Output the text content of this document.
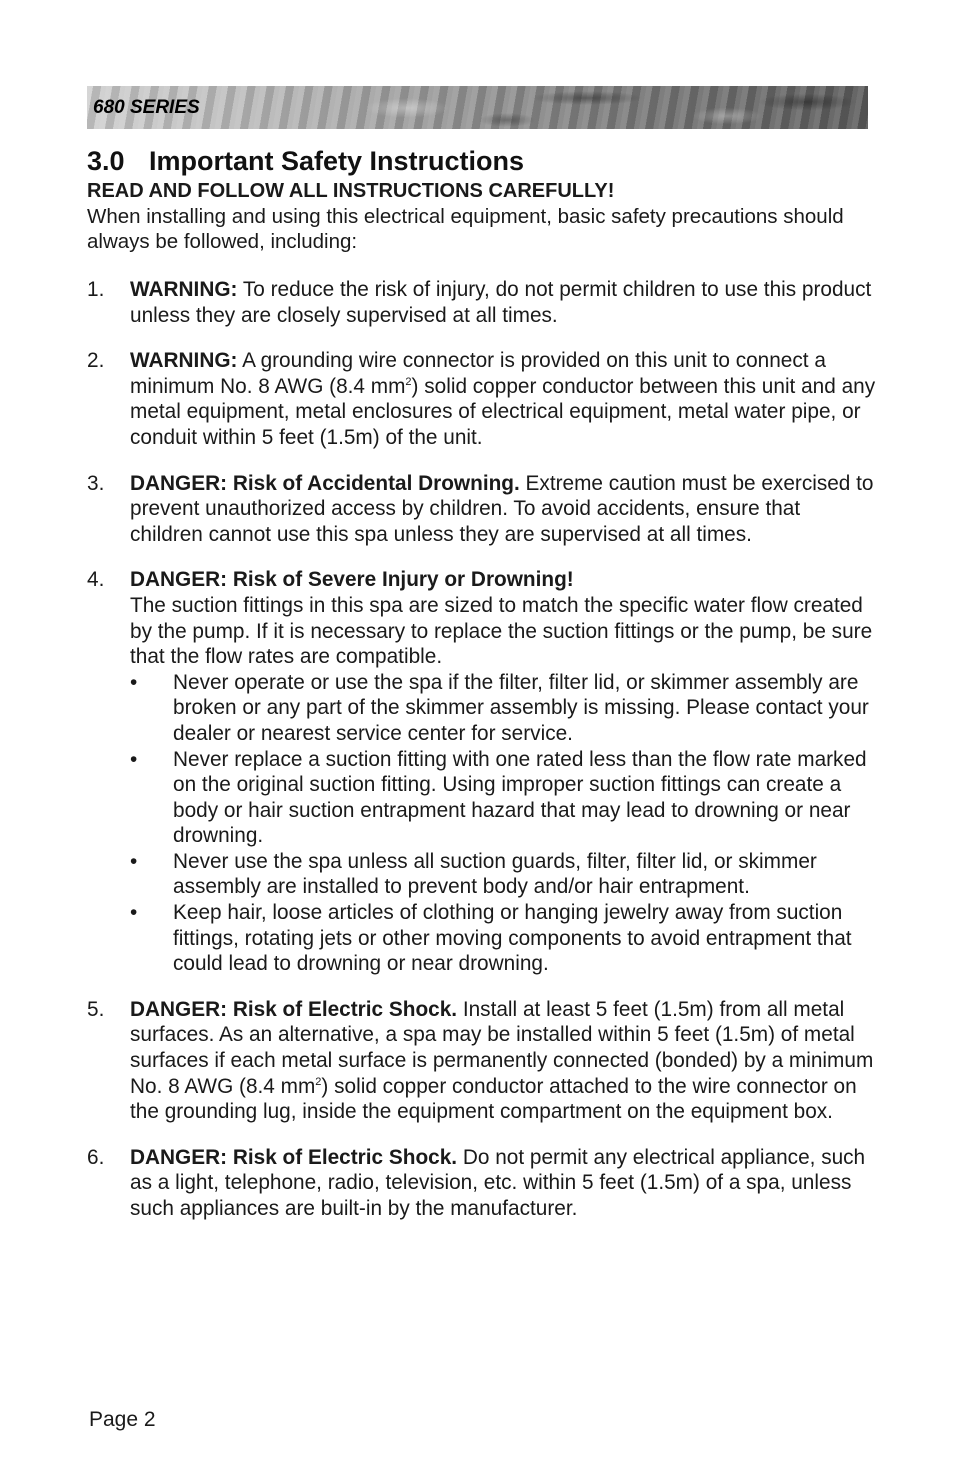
680 SERIES
3.0 Important Safety Instructions
READ AND FOLLOW ALL INSTRUCTIONS CAREFULLY!
When installing and using this electrical equipment, basic safety precautions should always be followed, including:
1. WARNING: To reduce the risk of injury, do not permit children to use this product unless they are closely supervised at all times.
2. WARNING: A grounding wire connector is provided on this unit to connect a minimum No. 8 AWG (8.4 $mm^2$) solid copper conductor between this unit and any metal equipment, metal enclosures of electrical equipment, metal water pipe, or conduit within 5 feet (1.5m) of the unit.
3. DANGER: Risk of Accidental Drowning. Extreme caution must be exercised to prevent unauthorized access by children. To avoid accidents, ensure that children cannot use this spa unless they are supervised at all times.
4. DANGER: Risk of Severe Injury or Drowning!
The suction fittings in this spa are sized to match the specific water flow created by the pump. If it is necessary to replace the suction fittings or the pump, be sure that the flow rates are compatible.
• Never operate or use the spa if the filter, filter lid, or skimmer assembly are broken or any part of the skimmer assembly is missing. Please contact your dealer or nearest service center for service.
• Never replace a suction fitting with one rated less than the flow rate marked on the original suction fitting. Using improper suction fittings can create a body or hair suction entrapment hazard that may lead to drowning or near drowning.
• Never use the spa unless all suction guards, filter, filter lid, or skimmer assembly are installed to prevent body and/or hair entrapment.
• Keep hair, loose articles of clothing or hanging jewelry away from suction fittings, rotating jets or other moving components to avoid entrapment that could lead to drowning or near drowning.
5. DANGER: Risk of Electric Shock. Install at least 5 feet (1.5m) from all metal surfaces. As an alternative, a spa may be installed within 5 feet (1.5m) of metal surfaces if each metal surface is permanently connected (bonded) by a minimum No. 8 AWG (8.4 $mm^2$) solid copper conductor attached to the wire connector on the grounding lug, inside the equipment compartment on the equipment box.
6. DANGER: Risk of Electric Shock. Do not permit any electrical appliance, such as a light, telephone, radio, television, etc. within 5 feet (1.5m) of a spa, unless such appliances are built-in by the manufacturer.
Page 2
